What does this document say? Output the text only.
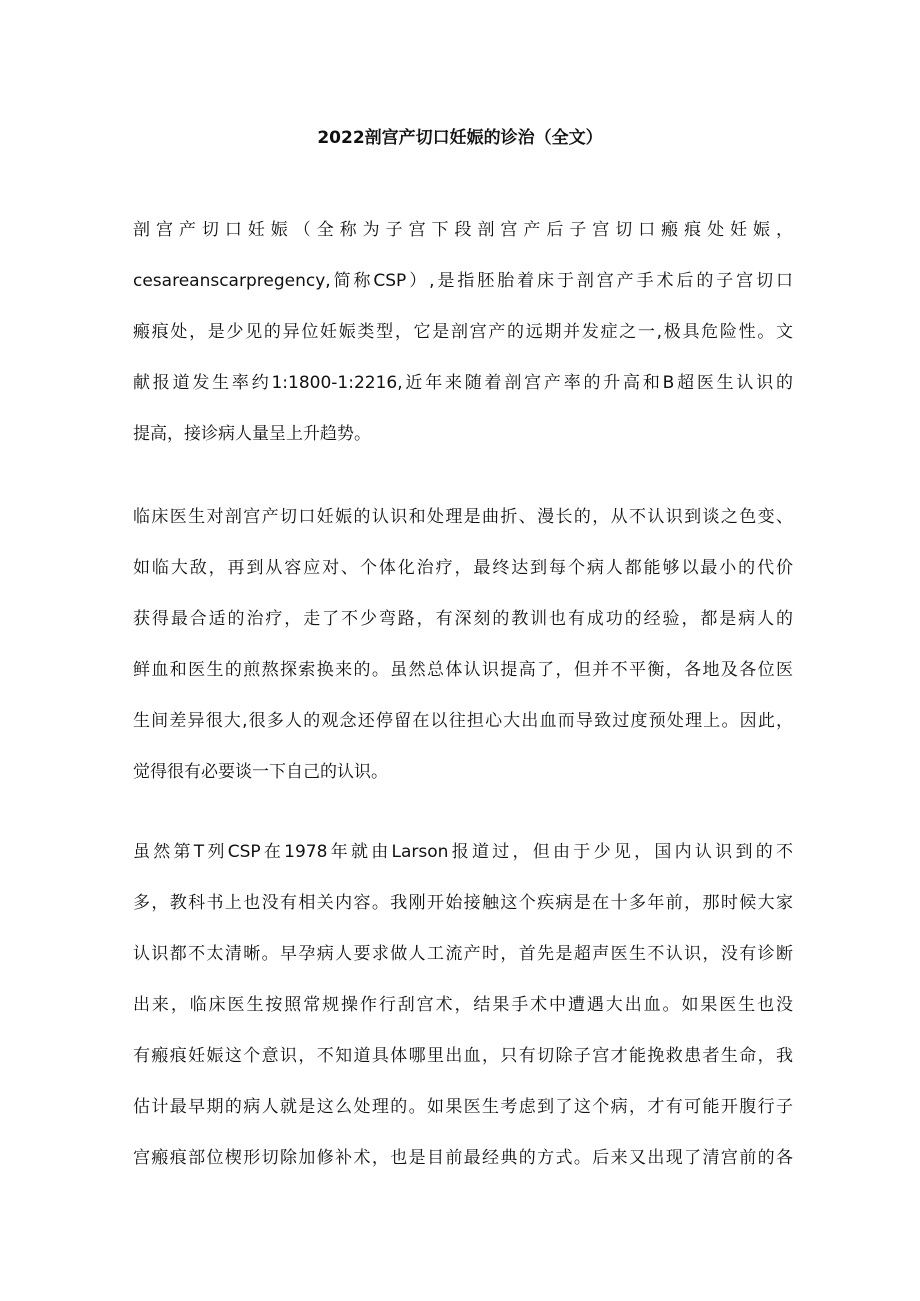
2022剖宫产切口妊娠的诊治（全文）
剖宫产切口妊娠（全称为子宫下段剖宫产后子宫切口瘢痕处妊娠，
cesareanscarpregency,简称CSP）,是指胚胎着床于剖宫产手术后的子宫切口
瘢痕处，是少见的异位妊娠类型，它是剖宫产的远期并发症之一,极具危险性。文
献报道发生率约1:1800-1:2216,近年来随着剖宫产率的升高和B超医生认识的
提高，接诊病人量呈上升趋势。
临床医生对剖宫产切口妊娠的认识和处理是曲折、漫长的，从不认识到谈之色变、
如临大敌，再到从容应对、个体化治疗，最终达到每个病人都能够以最小的代价
获得最合适的治疗，走了不少弯路，有深刻的教训也有成功的经验，都是病人的
鲜血和医生的煎熬探索换来的。虽然总体认识提高了，但并不平衡，各地及各位医
生间差异很大,很多人的观念还停留在以往担心大出血而导致过度预处理上。因此，
觉得很有必要谈一下自己的认识。
虽然第T列CSP在1978年就由Larson报道过，但由于少见，国内认识到的不
多，教科书上也没有相关内容。我刚开始接触这个疾病是在十多年前，那时候大家
认识都不太清晰。早孕病人要求做人工流产时，首先是超声医生不认识，没有诊断
出来，临床医生按照常规操作行刮宫术，结果手术中遭遇大出血。如果医生也没
有瘢痕妊娠这个意识，不知道具体哪里出血，只有切除子宫才能挽救患者生命，我
估计最早期的病人就是这么处理的。如果医生考虑到了这个病，才有可能开腹行子
宫瘢痕部位楔形切除加修补术，也是目前最经典的方式。后来又出现了清宫前的各
